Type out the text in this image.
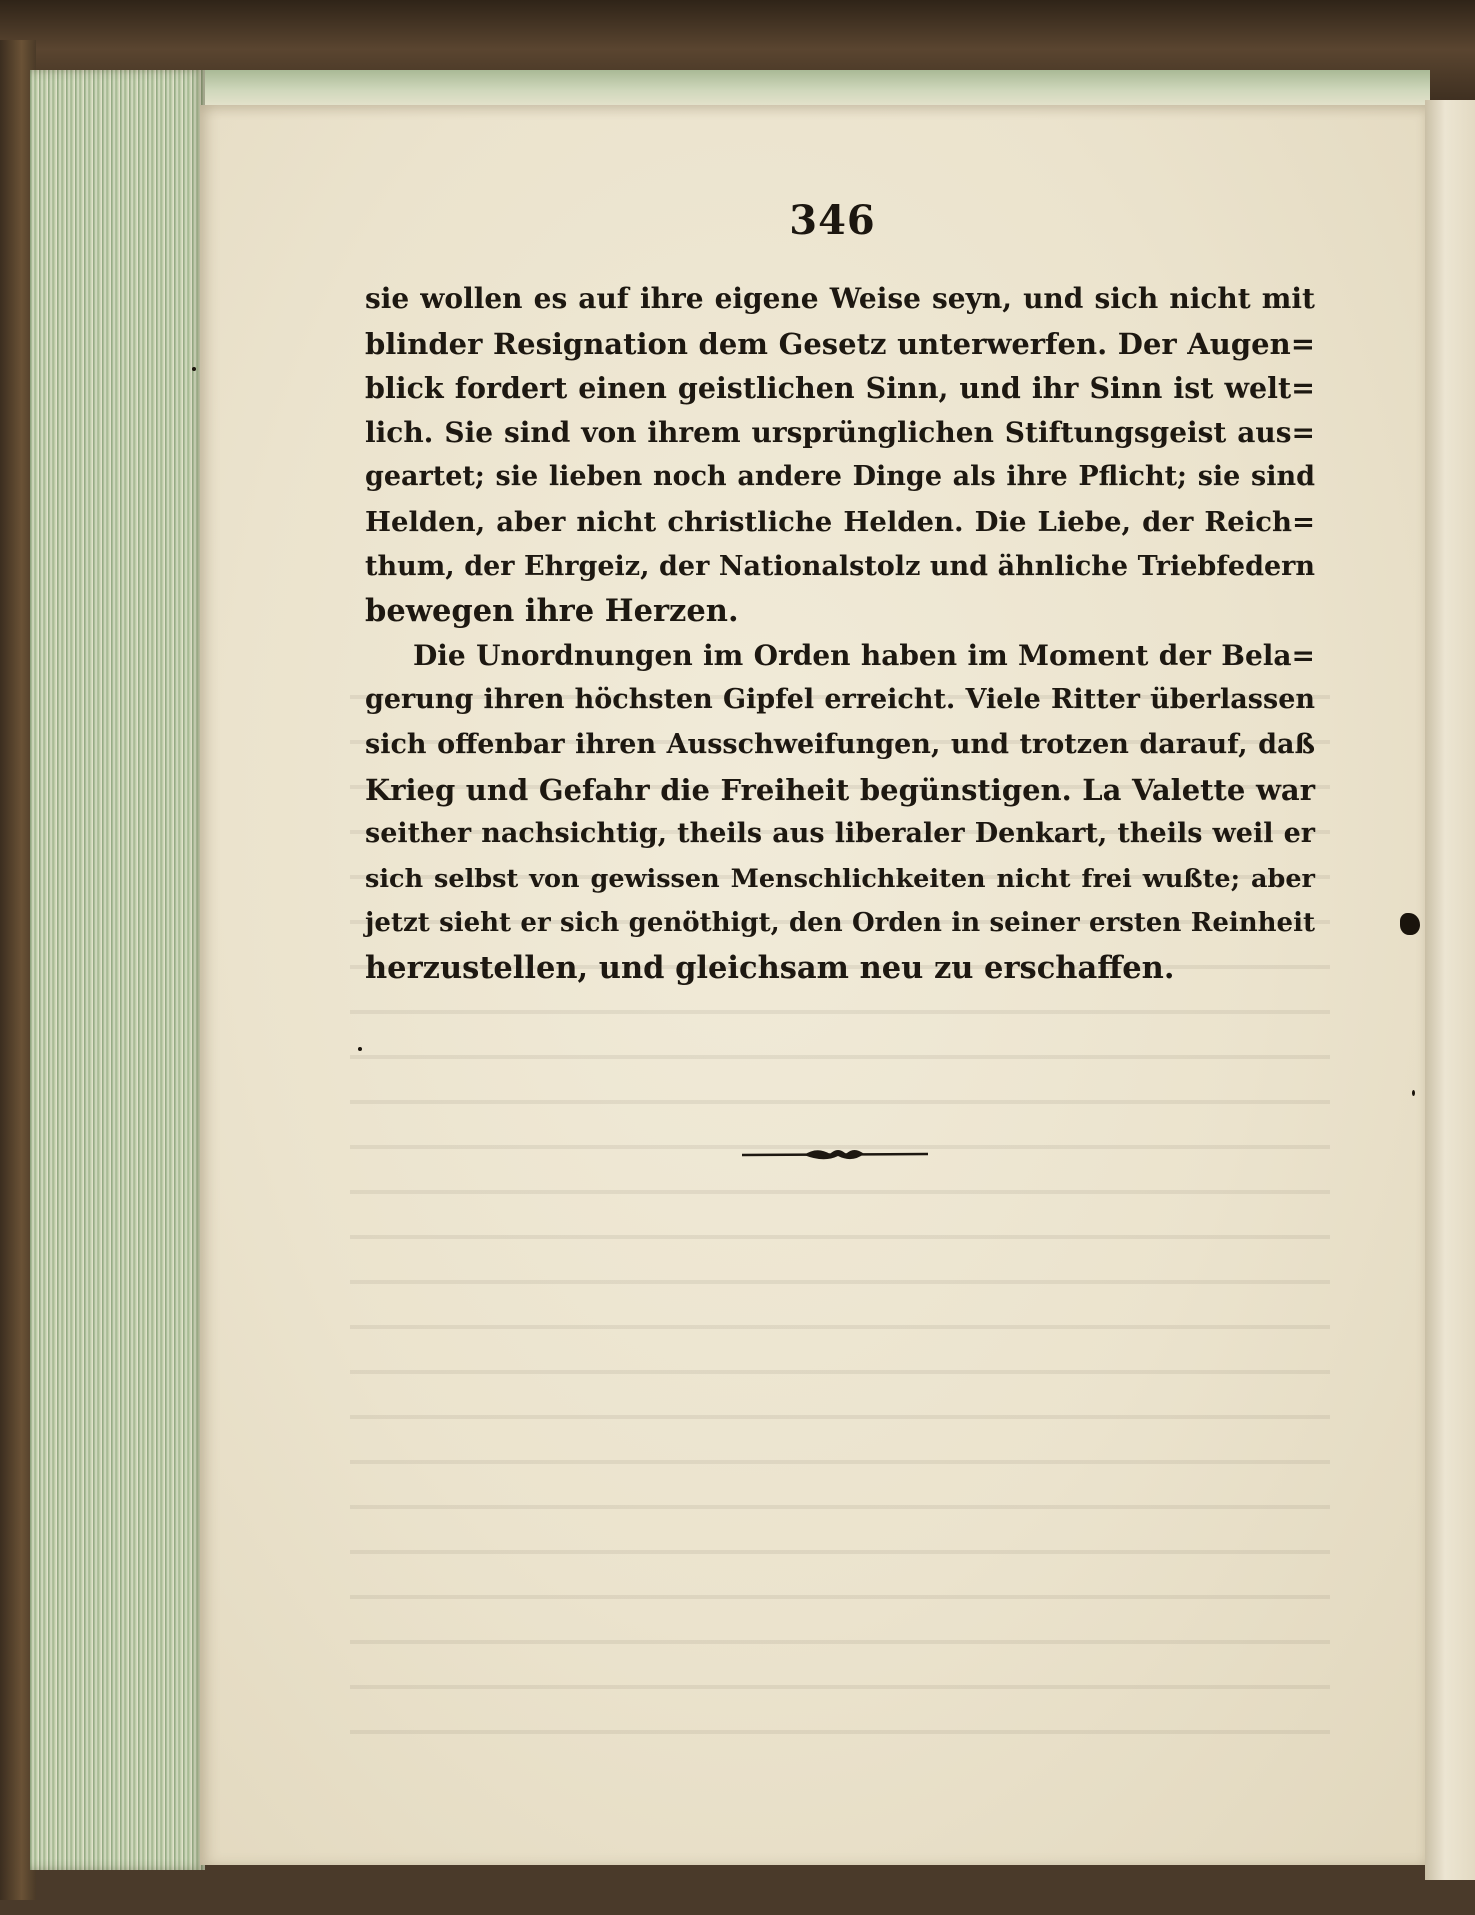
346

sie wollen es auf ihre eigene Weise seyn, und sich nicht mit
blinder Resignation dem Gesetz unterwerfen. Der Augen=
blick fordert einen geistlichen Sinn, und ihr Sinn ist welt=
lich. Sie sind von ihrem ursprünglichen Stiftungsgeist aus=
geartet; sie lieben noch andere Dinge als ihre Pflicht; sie sind
Helden, aber nicht christliche Helden. Die Liebe, der Reich=
thum, der Ehrgeiz, der Nationalstolz und ähnliche Triebfedern
bewegen ihre Herzen.

Die Unordnungen im Orden haben im Moment der Bela=
gerung ihren höchsten Gipfel erreicht. Viele Ritter überlassen
sich offenbar ihren Ausschweifungen, und trotzen darauf, daß
Krieg und Gefahr die Freiheit begünstigen. La Valette war
seither nachsichtig, theils aus liberaler Denkart, theils weil er
sich selbst von gewissen Menschlichkeiten nicht frei wußte; aber
jetzt sieht er sich genöthigt, den Orden in seiner ersten Reinheit
herzustellen, und gleichsam neu zu erschaffen.
